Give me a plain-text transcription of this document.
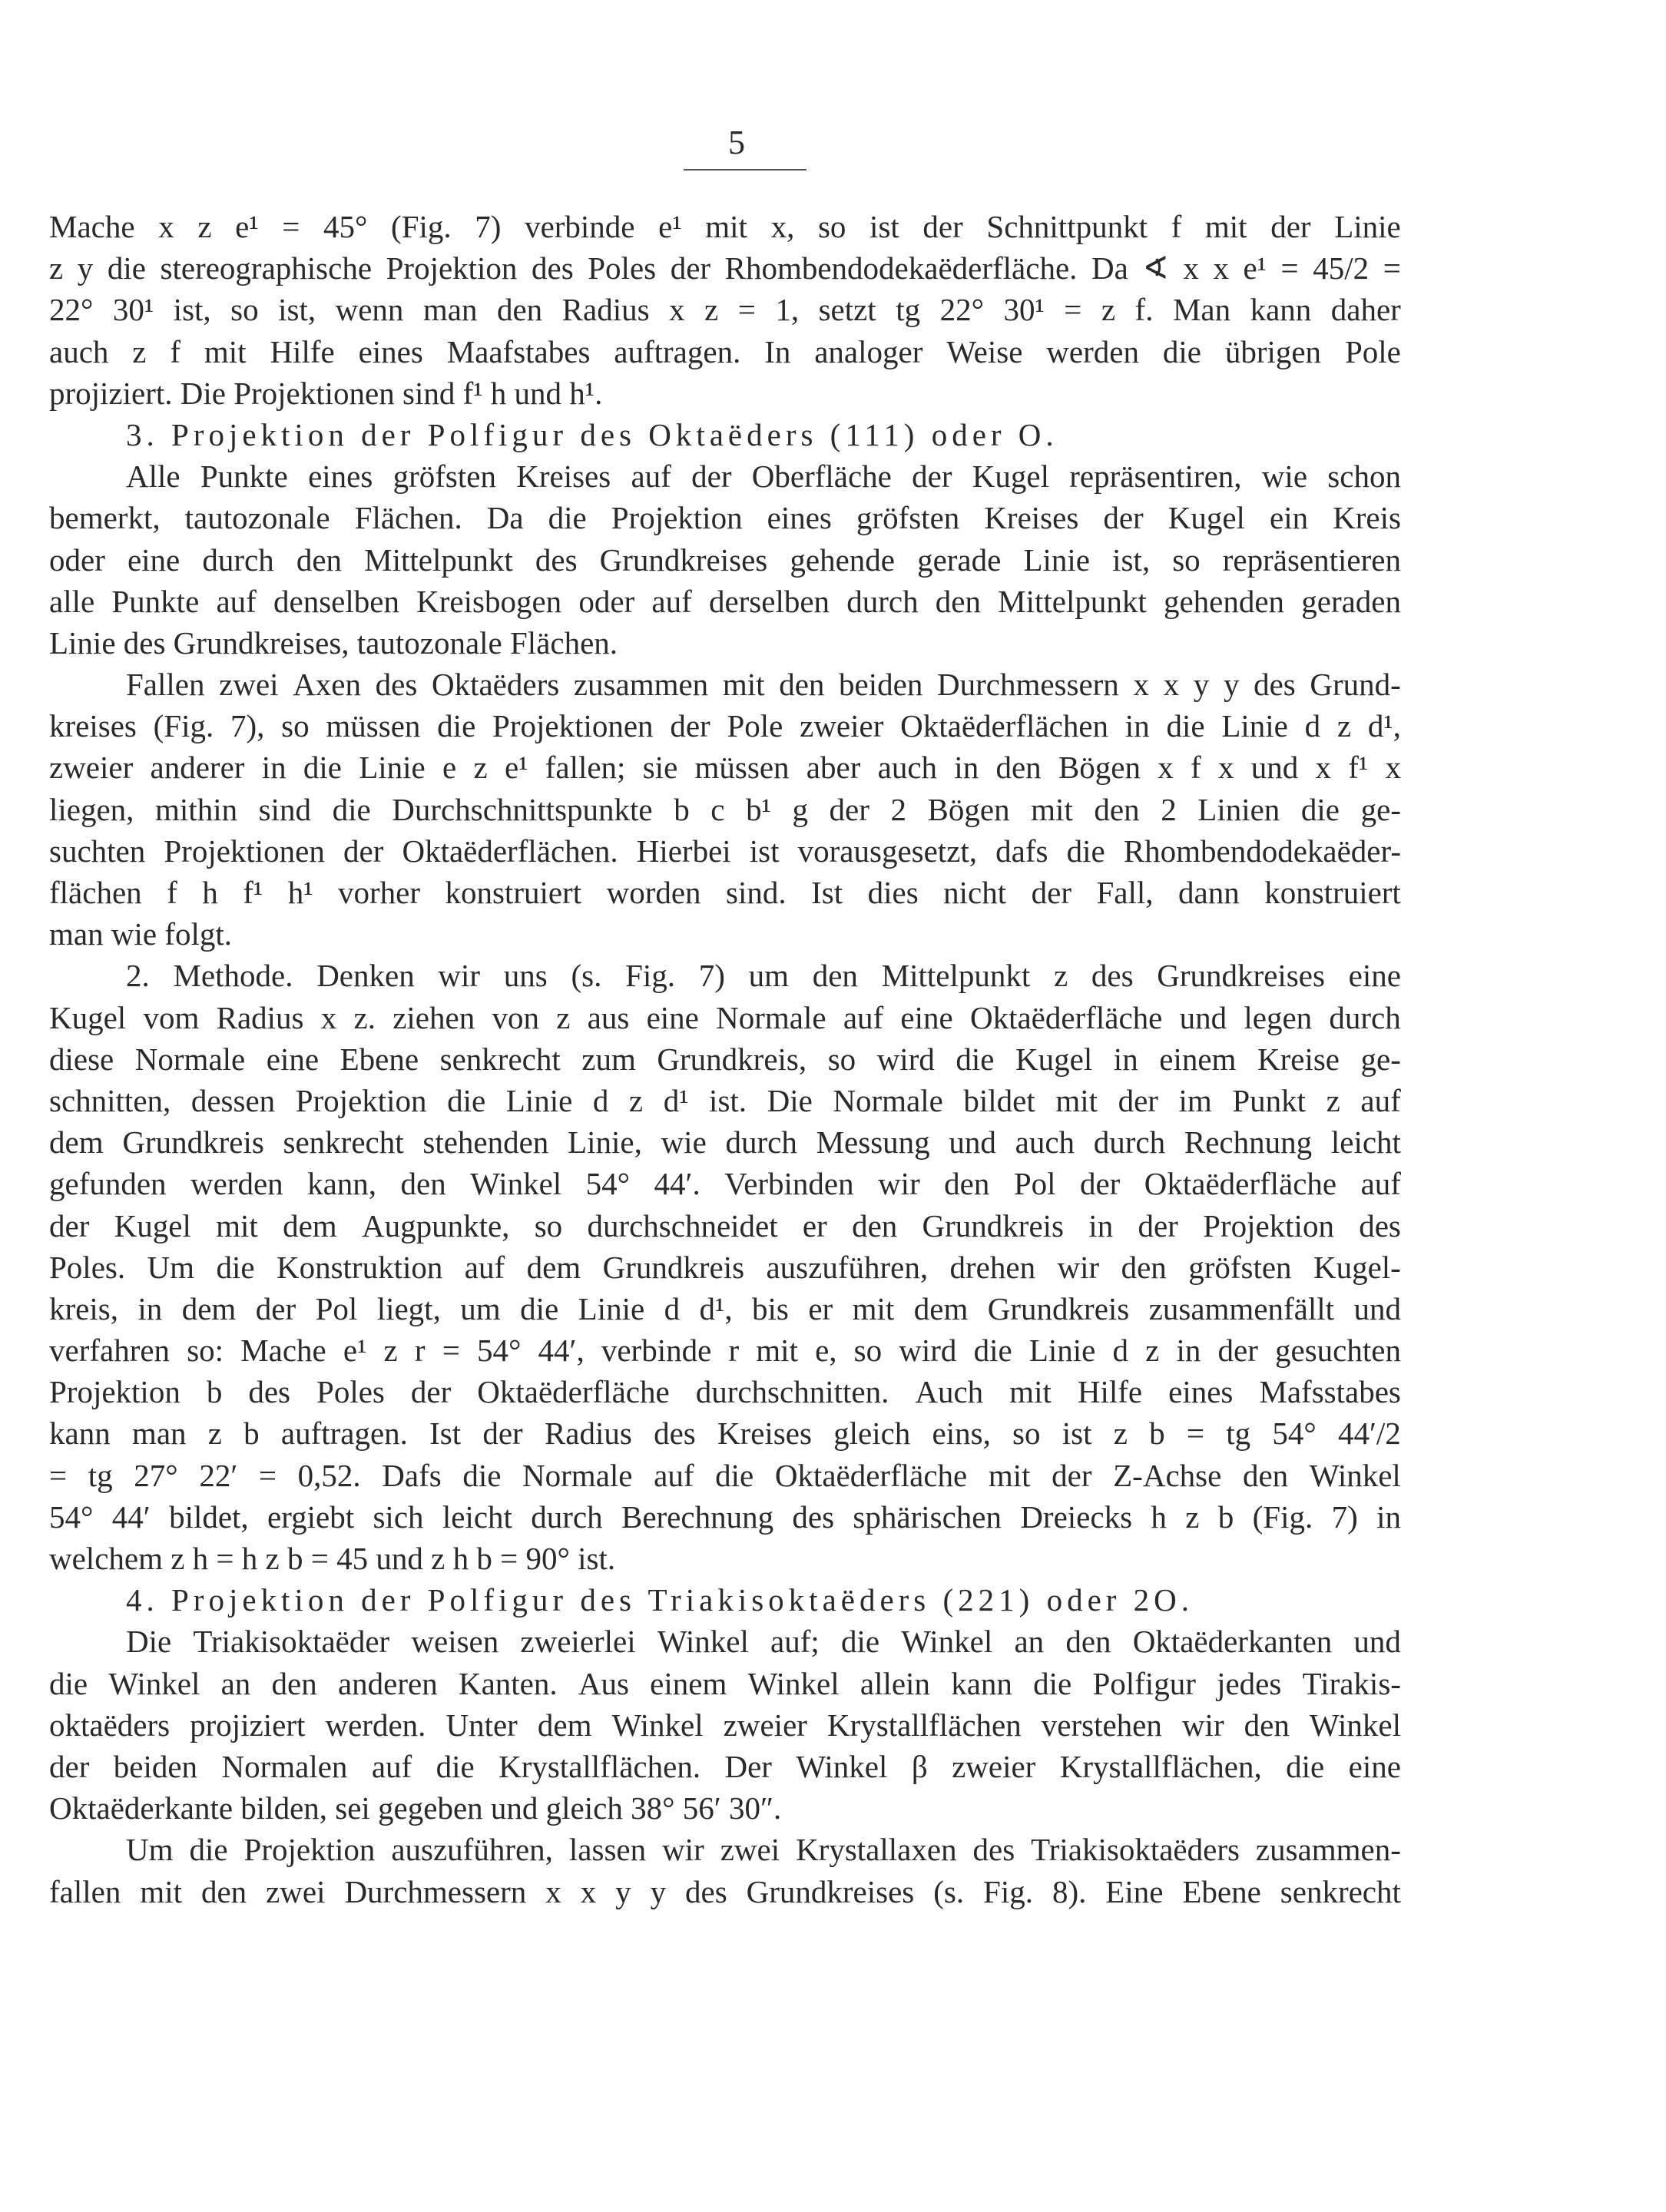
5
Mache x z e¹ = 45° (Fig. 7) verbinde e¹ mit x, so ist der Schnittpunkt f mit der Linie
z y die stereographische Projektion des Poles der Rhombendodekaëderfläche. Da ∢ x x e¹ = 45/2 =
22° 30¹ ist, so ist, wenn man den Radius x z = 1, setzt tg 22° 30¹ = z f. Man kann daher
auch z f mit Hilfe eines Maafstabes auftragen. In analoger Weise werden die übrigen Pole
projiziert. Die Projektionen sind f¹ h und h¹.
3. Projektion der Polfigur des Oktaëders (111) oder O.
Alle Punkte eines gröfsten Kreises auf der Oberfläche der Kugel repräsentiren, wie schon
bemerkt, tautozonale Flächen. Da die Projektion eines gröfsten Kreises der Kugel ein Kreis
oder eine durch den Mittelpunkt des Grundkreises gehende gerade Linie ist, so repräsentieren
alle Punkte auf denselben Kreisbogen oder auf derselben durch den Mittelpunkt gehenden geraden
Linie des Grundkreises, tautozonale Flächen.
Fallen zwei Axen des Oktaëders zusammen mit den beiden Durchmessern x x y y des Grund-
kreises (Fig. 7), so müssen die Projektionen der Pole zweier Oktaëderflächen in die Linie d z d¹,
zweier anderer in die Linie e z e¹ fallen; sie müssen aber auch in den Bögen x f x und x f¹ x
liegen, mithin sind die Durchschnittspunkte b c b¹ g der 2 Bögen mit den 2 Linien die ge-
suchten Projektionen der Oktaëderflächen. Hierbei ist vorausgesetzt, dafs die Rhombendodekaëder-
flächen f h f¹ h¹ vorher konstruiert worden sind. Ist dies nicht der Fall, dann konstruiert
man wie folgt.
2. Methode. Denken wir uns (s. Fig. 7) um den Mittelpunkt z des Grundkreises eine
Kugel vom Radius x z. ziehen von z aus eine Normale auf eine Oktaëderfläche und legen durch
diese Normale eine Ebene senkrecht zum Grundkreis, so wird die Kugel in einem Kreise ge-
schnitten, dessen Projektion die Linie d z d¹ ist. Die Normale bildet mit der im Punkt z auf
dem Grundkreis senkrecht stehenden Linie, wie durch Messung und auch durch Rechnung leicht
gefunden werden kann, den Winkel 54° 44′. Verbinden wir den Pol der Oktaëderfläche auf
der Kugel mit dem Augpunkte, so durchschneidet er den Grundkreis in der Projektion des
Poles. Um die Konstruktion auf dem Grundkreis auszuführen, drehen wir den gröfsten Kugel-
kreis, in dem der Pol liegt, um die Linie d d¹, bis er mit dem Grundkreis zusammenfällt und
verfahren so: Mache e¹ z r = 54° 44′, verbinde r mit e, so wird die Linie d z in der gesuchten
Projektion b des Poles der Oktaëderfläche durchschnitten. Auch mit Hilfe eines Mafsstabes
kann man z b auftragen. Ist der Radius des Kreises gleich eins, so ist z b = tg 54° 44′/2
= tg 27° 22′ = 0,52. Dafs die Normale auf die Oktaëderfläche mit der Z-Achse den Winkel
54° 44′ bildet, ergiebt sich leicht durch Berechnung des sphärischen Dreiecks h z b (Fig. 7) in
welchem z h = h z b = 45 und z h b = 90° ist.
4. Projektion der Polfigur des Triakisoktaëders (221) oder 2O.
Die Triakisoktaëder weisen zweierlei Winkel auf; die Winkel an den Oktaëderkanten und
die Winkel an den anderen Kanten. Aus einem Winkel allein kann die Polfigur jedes Tirakis-
oktaëders projiziert werden. Unter dem Winkel zweier Krystallflächen verstehen wir den Winkel
der beiden Normalen auf die Krystallflächen. Der Winkel β zweier Krystallflächen, die eine
Oktaëderkante bilden, sei gegeben und gleich 38° 56′ 30″.
Um die Projektion auszuführen, lassen wir zwei Krystallaxen des Triakisoktaëders zusammen-
fallen mit den zwei Durchmessern x x y y des Grundkreises (s. Fig. 8). Eine Ebene senkrecht
